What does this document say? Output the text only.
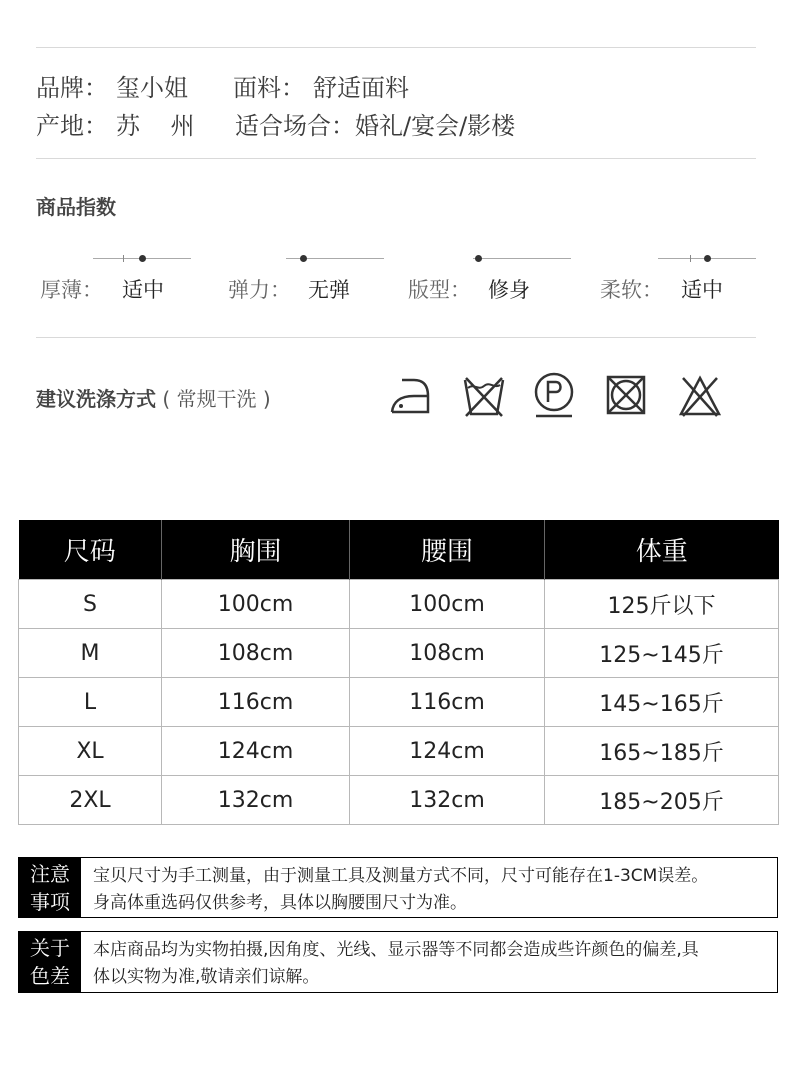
品牌： 玺小姐 面料： 舒适面料
产地： 苏    州 适合场合： 婚礼/宴会/影楼
商品指数
厚薄： 适中	弹力： 无弹	版型： 修身	柔软： 适中
建议洗涤方式 ( 常规干洗 )
尺码	胸围	腰围	体重
S	100cm	100cm	125斤以下
M	108cm	108cm	125~145斤
L	116cm	116cm	145~165斤
XL	124cm	124cm	165~185斤
2XL	132cm	132cm	185~205斤
注意
事项
宝贝尺寸为手工测量，由于测量工具及测量方式不同，尺寸可能存在1-3CM误差。
身高体重选码仅供参考，具体以胸腰围尺寸为准。
关于
色差
本店商品均为实物拍摄,因角度、光线、显示器等不同都会造成些许颜色的偏差,具
体以实物为准,敬请亲们谅解。
